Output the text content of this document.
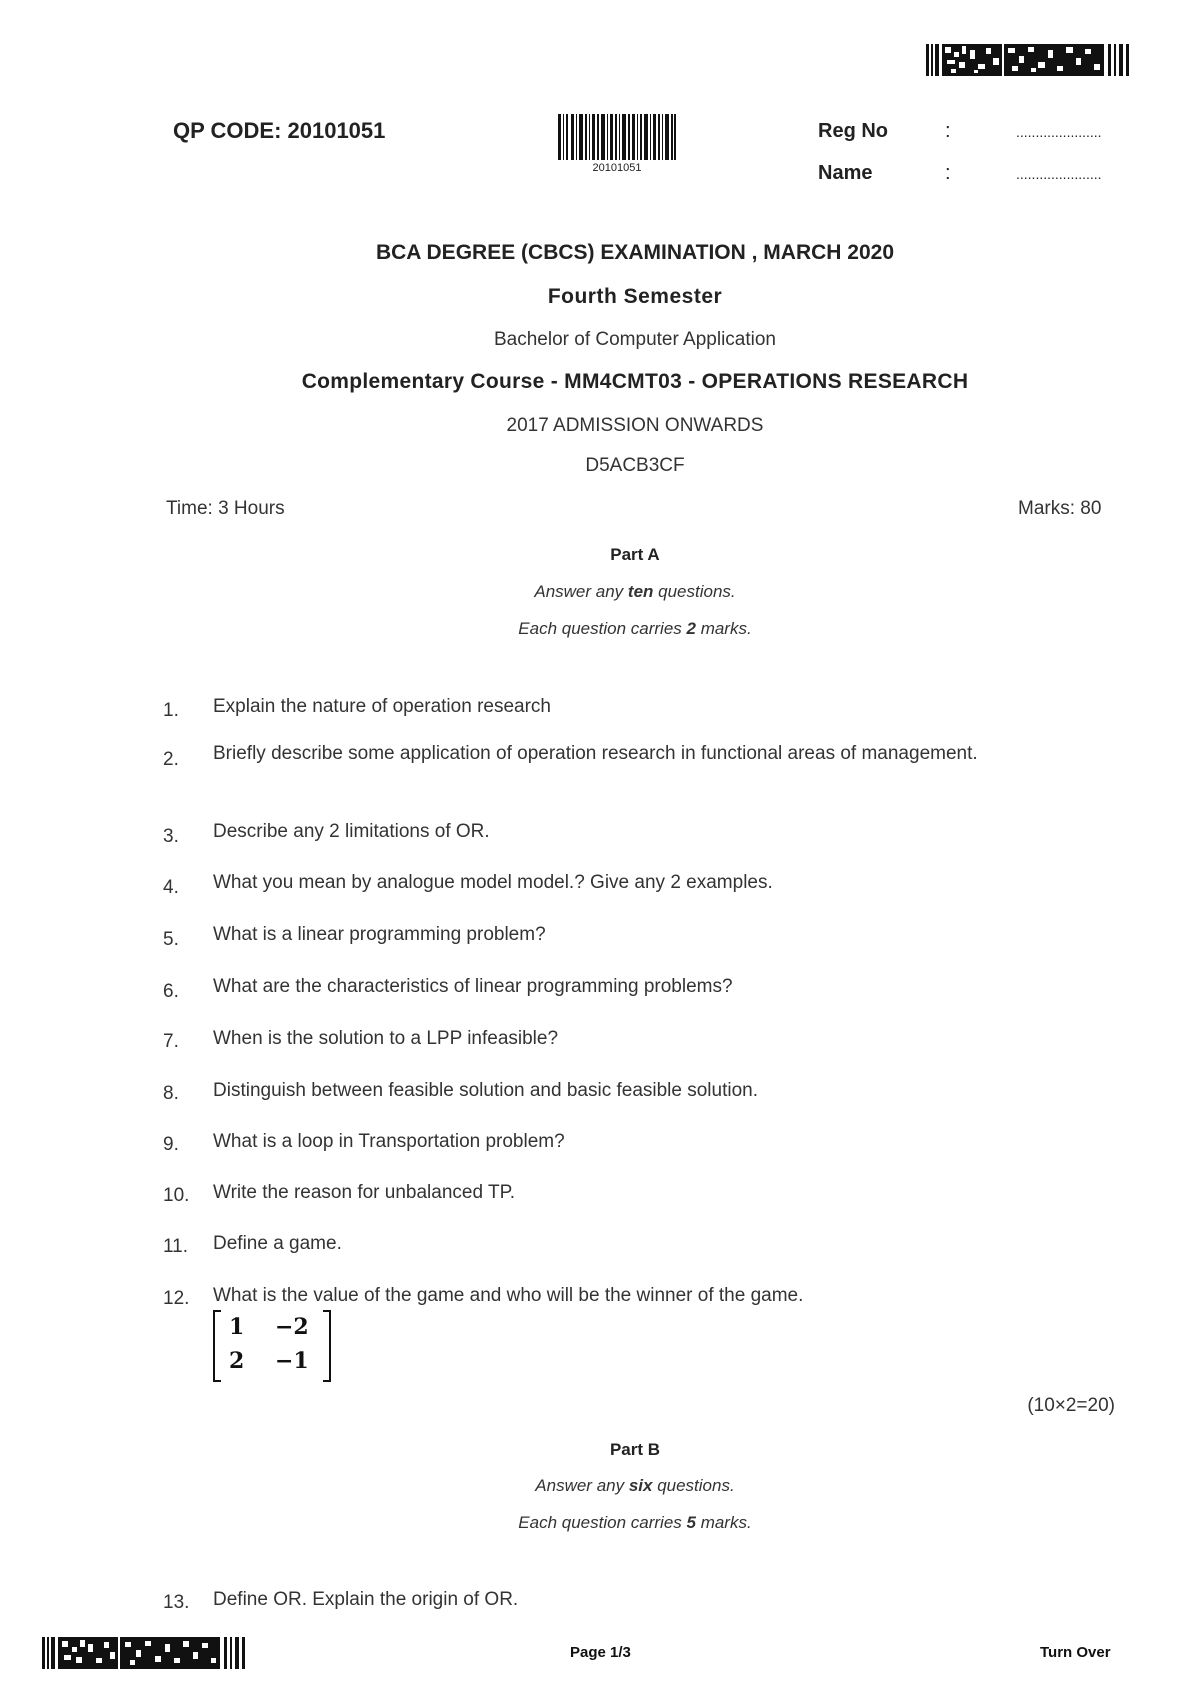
QP CODE: 20101051
20101051
Reg No	:	......................
Name	:	......................
BCA DEGREE (CBCS) EXAMINATION , MARCH 2020
Fourth Semester
Bachelor of Computer Application
Complementary Course - MM4CMT03 - OPERATIONS RESEARCH
2017 ADMISSION ONWARDS
D5ACB3CF
Time: 3 Hours	Marks: 80
Part A
Answer any ten questions.
Each question carries 2 marks.
1. Explain the nature of operation research
2. Briefly describe some application of operation research in functional areas of management.
3. Describe any 2 limitations of OR.
4. What you mean by analogue model model.? Give any 2 examples.
5. What is a linear programming problem?
6. What are the characteristics of linear programming problems?
7. When is the solution to a LPP infeasible?
8. Distinguish between feasible solution and basic feasible solution.
9. What is a loop in Transportation problem?
10. Write the reason for unbalanced TP.
11. Define a game.
12. What is the value of the game and who will be the winner of the game.
1 −2
2 −1
(10×2=20)
Part B
Answer any six questions.
Each question carries 5 marks.
13. Define OR. Explain the origin of OR.
Page 1/3	Turn Over
